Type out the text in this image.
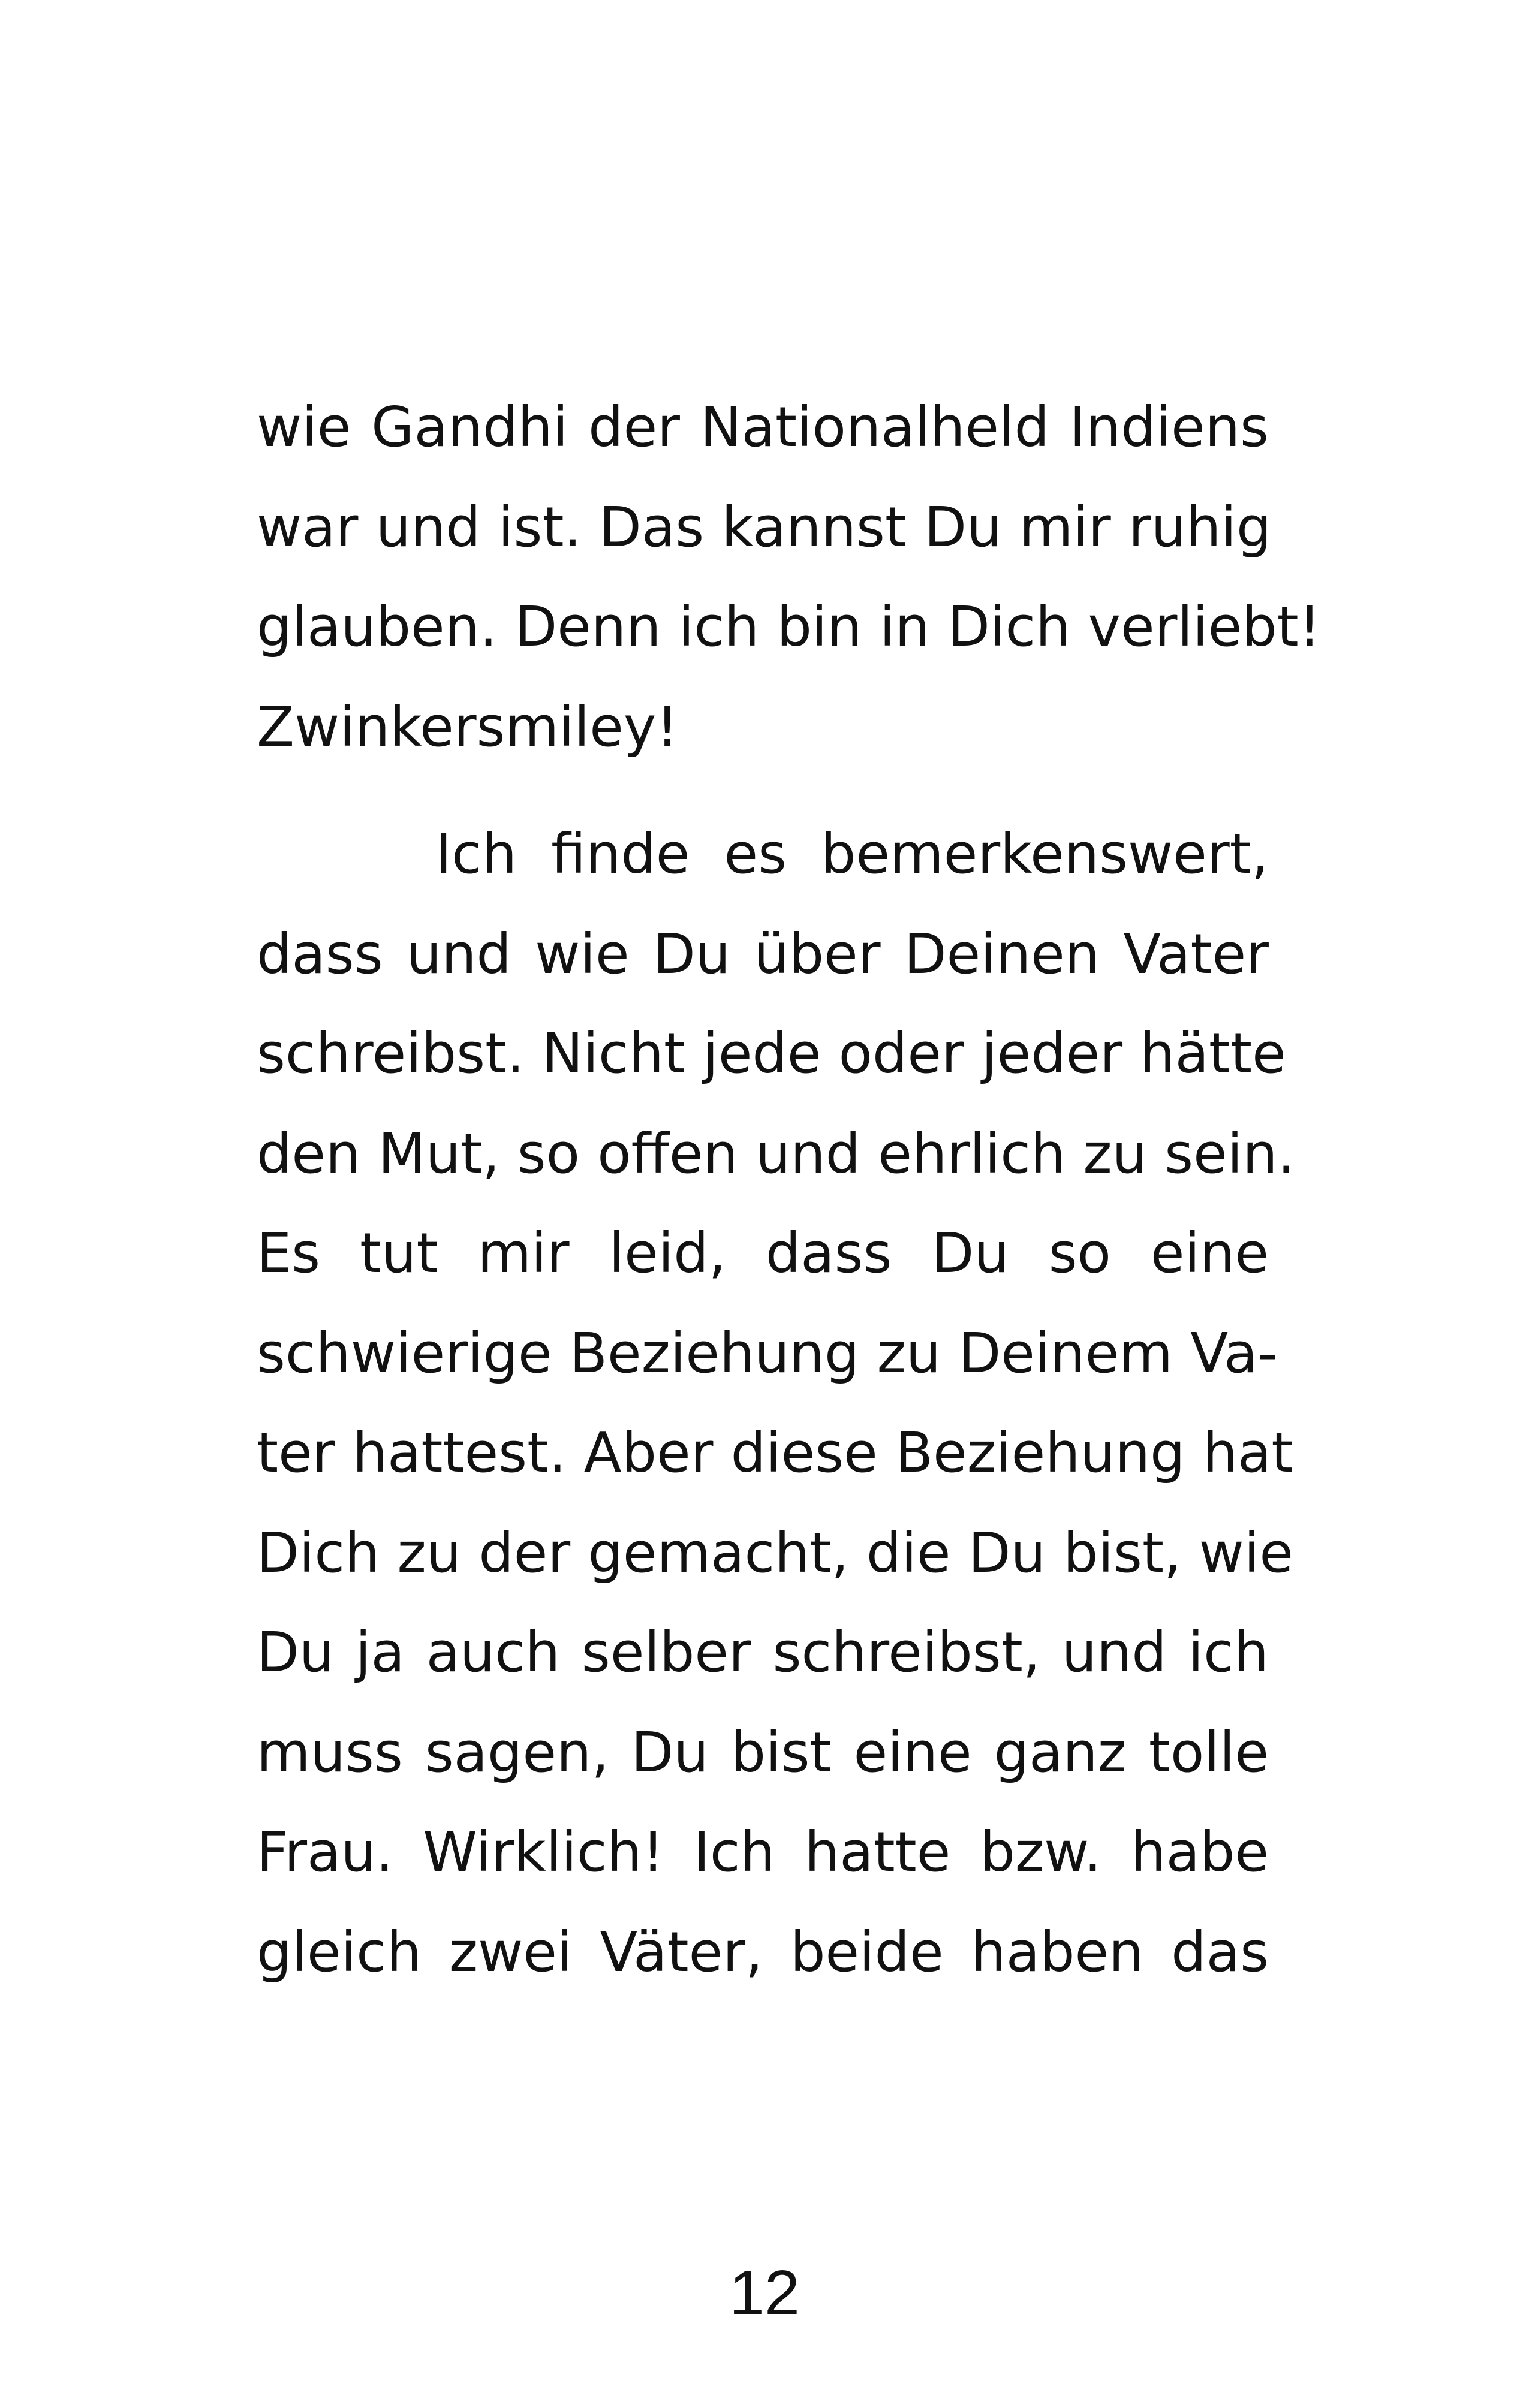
wie Gandhi der Nationalheld Indiens
war und ist. Das kannst Du mir ruhig
glauben. Denn ich bin in Dich verliebt!
Zwinkersmiley!
Ich finde es bemerkenswert,
dass und wie Du über Deinen Vater
schreibst. Nicht jede oder jeder hätte
den Mut, so offen und ehrlich zu sein.
Es tut mir leid, dass Du so eine
schwierige Beziehung zu Deinem Va-
ter hattest. Aber diese Beziehung hat
Dich zu der gemacht, die Du bist, wie
Du ja auch selber schreibst, und ich
muss sagen, Du bist eine ganz tolle
Frau. Wirklich! Ich hatte bzw. habe
gleich zwei Väter, beide haben das
12
